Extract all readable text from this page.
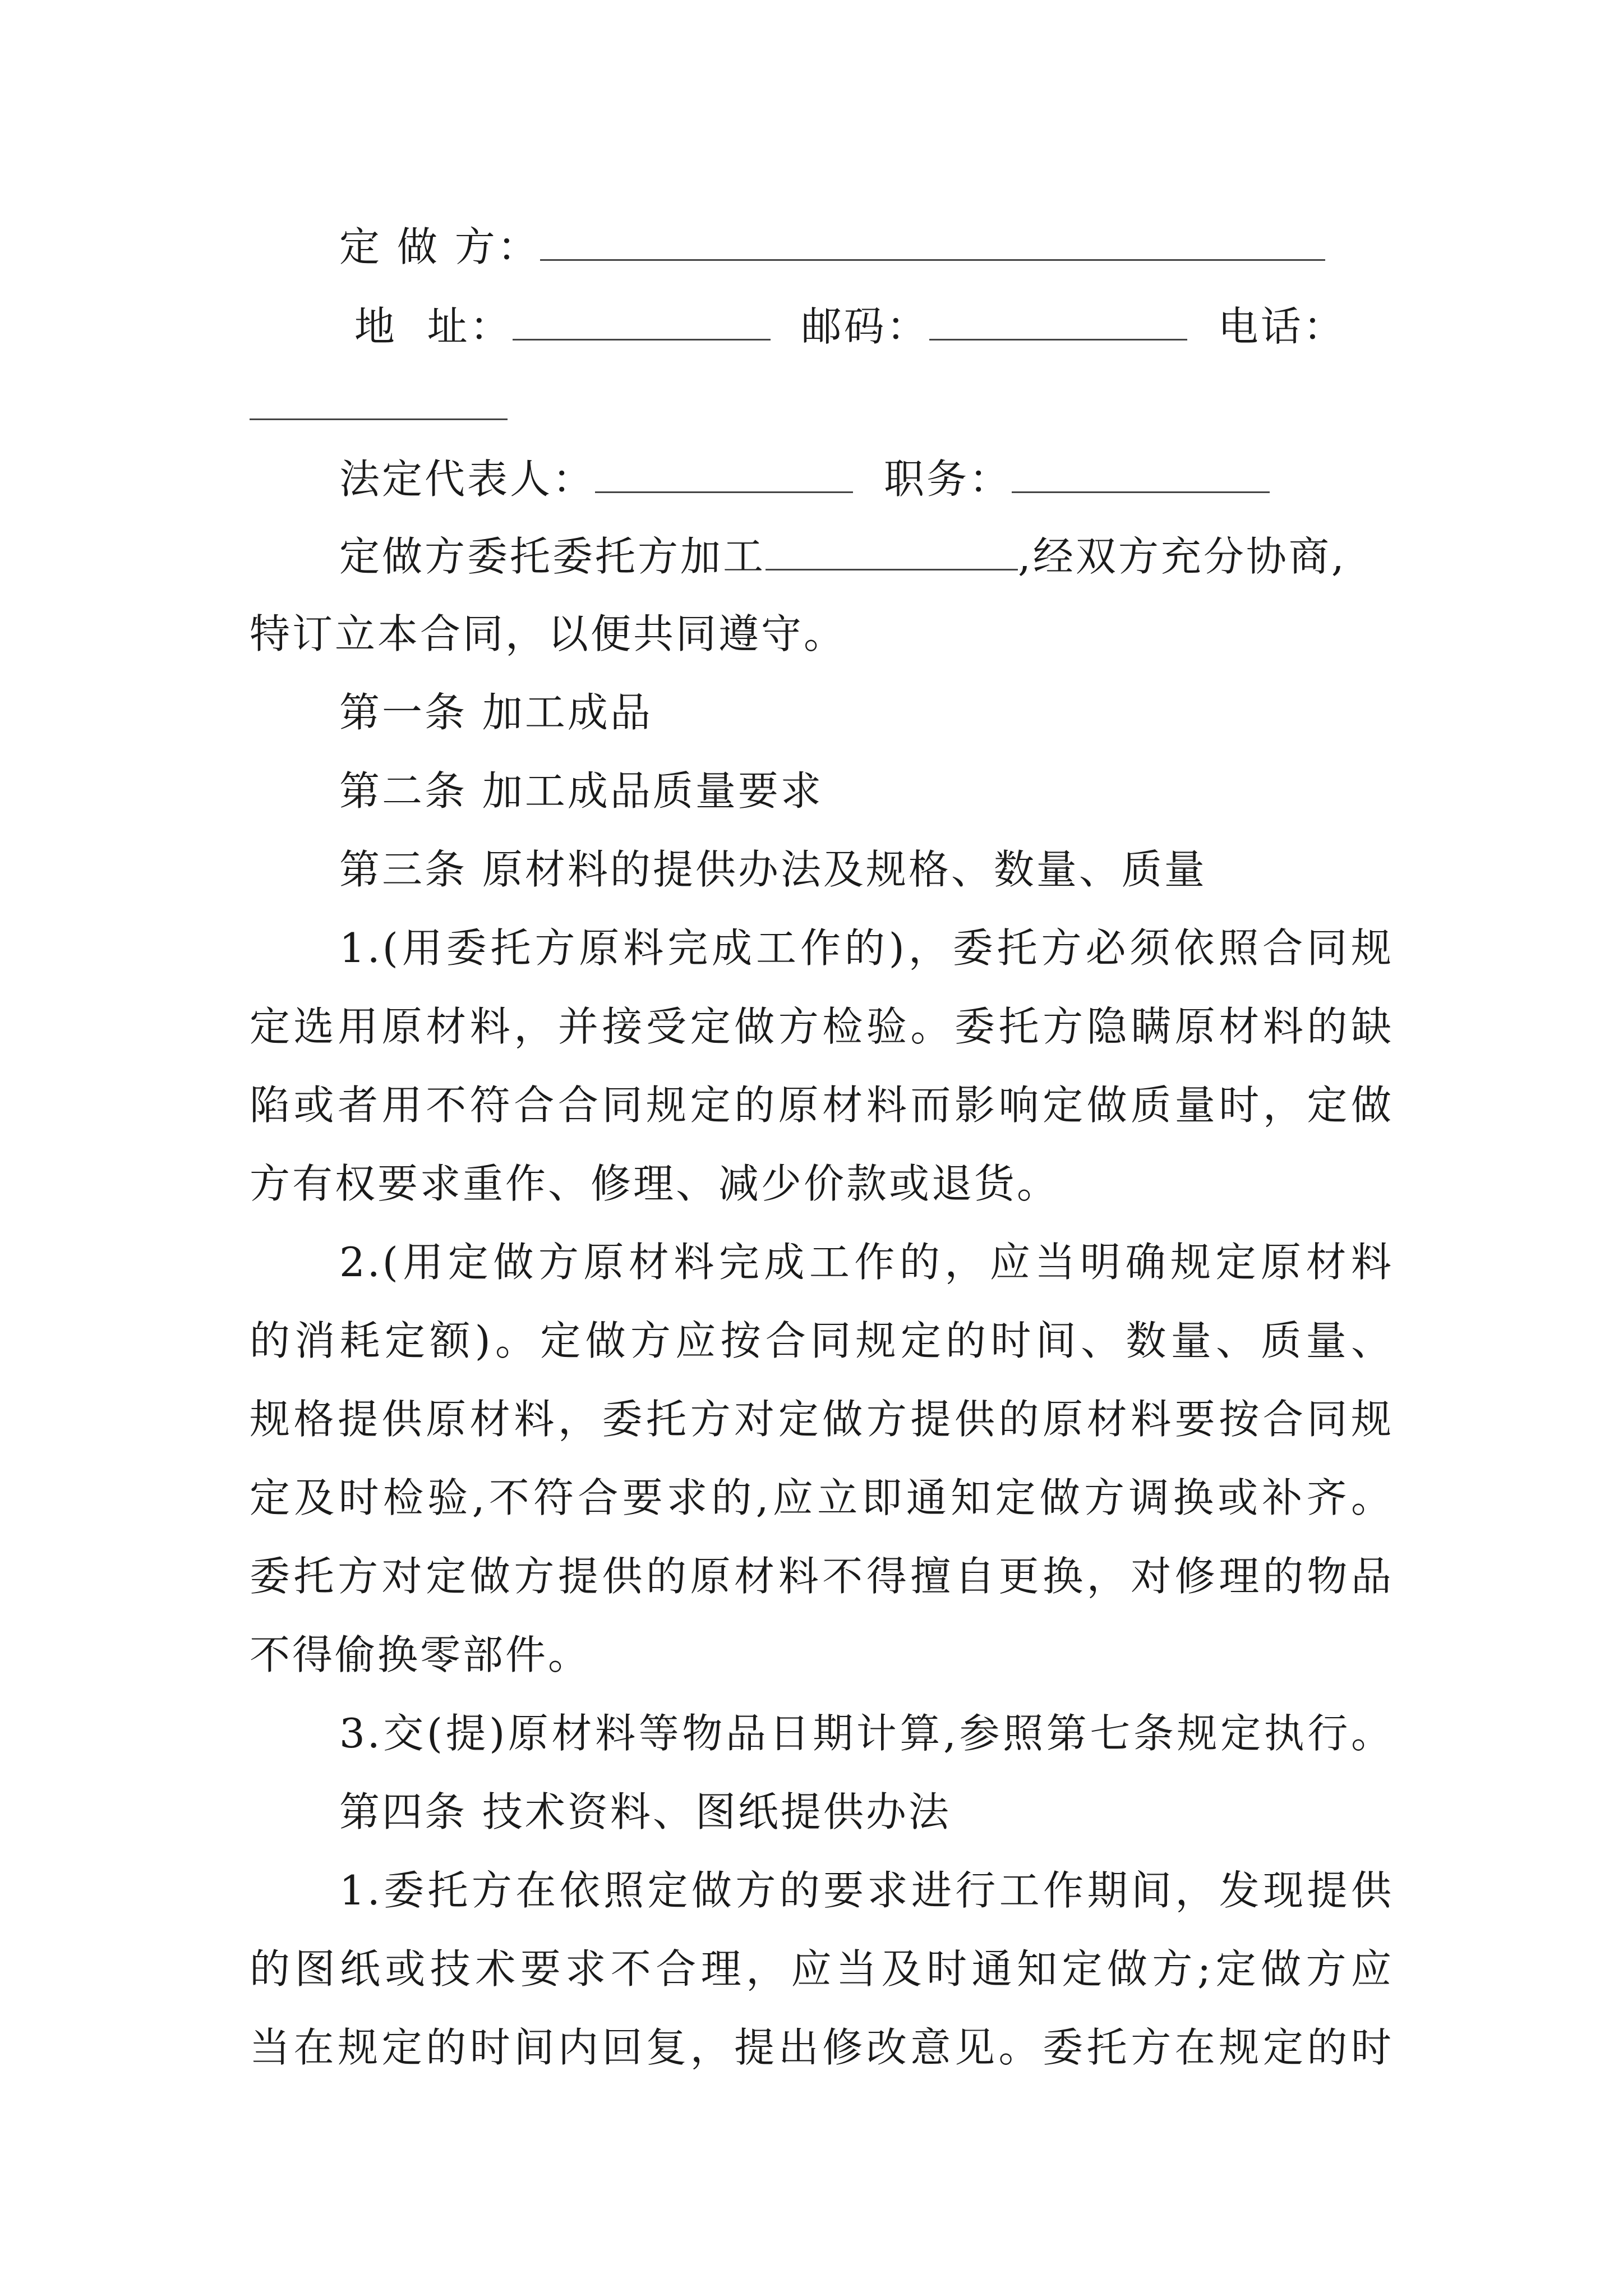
定 做 方：
地  址：	邮码：	电话：
法定代表人：	职务：
定做方委托委托方加工	,经双方充分协商,
特订立本合同，以便共同遵守。
第一条 加工成品
第二条 加工成品质量要求
第三条 原材料的提供办法及规格、数量、质量
1.(用委托方原料完成工作的)，委托方必须依照合同规
定选用原材料，并接受定做方检验。委托方隐瞒原材料的缺
陷或者用不符合合同规定的原材料而影响定做质量时，定做
方有权要求重作、修理、减少价款或退货。
2.(用定做方原材料完成工作的，应当明确规定原材料
的消耗定额)。定做方应按合同规定的时间、数量、质量、
规格提供原材料，委托方对定做方提供的原材料要按合同规
定及时检验,不符合要求的,应立即通知定做方调换或补齐。
委托方对定做方提供的原材料不得擅自更换，对修理的物品
不得偷换零部件。
3.交(提)原材料等物品日期计算,参照第七条规定执行。
第四条 技术资料、图纸提供办法
1.委托方在依照定做方的要求进行工作期间，发现提供
的图纸或技术要求不合理，应当及时通知定做方;定做方应
当在规定的时间内回复，提出修改意见。委托方在规定的时
